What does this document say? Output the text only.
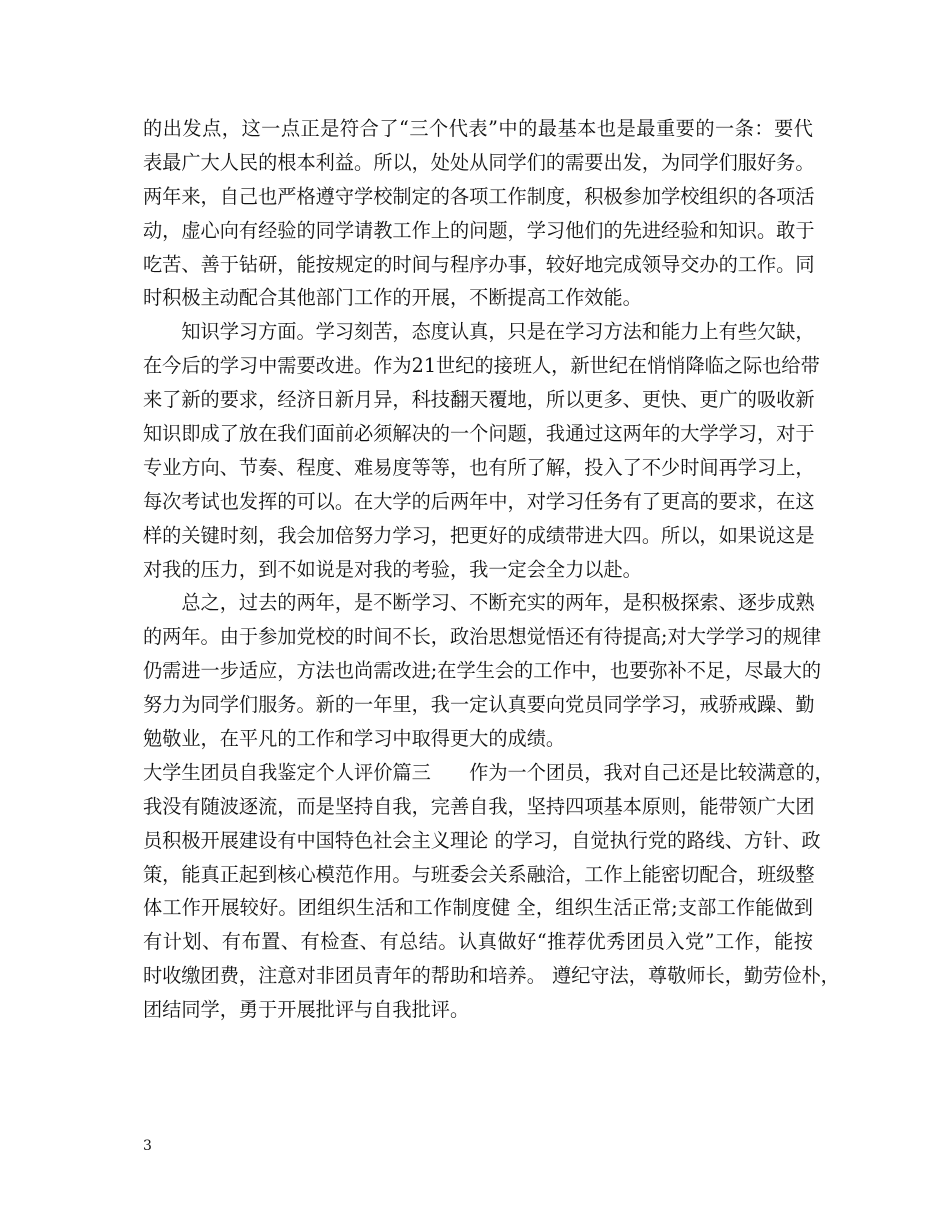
的出发点，这一点正是符合了“三个代表”中的最基本也是最重要的一条：要代
表最广大人民的根本利益。所以，处处从同学们的需要出发，为同学们服好务。
两年来，自己也严格遵守学校制定的各项工作制度，积极参加学校组织的各项活
动，虚心向有经验的同学请教工作上的问题，学习他们的先进经验和知识。敢于
吃苦、善于钻研，能按规定的时间与程序办事，较好地完成领导交办的工作。同
时积极主动配合其他部门工作的开展，不断提高工作效能。
　　知识学习方面。学习刻苦，态度认真，只是在学习方法和能力上有些欠缺，
在今后的学习中需要改进。作为21世纪的接班人，新世纪在悄悄降临之际也给带
来了新的要求，经济日新月异，科技翻天覆地，所以更多、更快、更广的吸收新
知识即成了放在我们面前必须解决的一个问题，我通过这两年的大学学习，对于
专业方向、节奏、程度、难易度等等，也有所了解，投入了不少时间再学习上，
每次考试也发挥的可以。在大学的后两年中，对学习任务有了更高的要求，在这
样的关键时刻，我会加倍努力学习，把更好的成绩带进大四。所以，如果说这是
对我的压力，到不如说是对我的考验，我一定会全力以赴。
　　总之，过去的两年，是不断学习、不断充实的两年，是积极探索、逐步成熟
的两年。由于参加党校的时间不长，政治思想觉悟还有待提高;对大学学习的规律
仍需进一步适应，方法也尚需改进;在学生会的工作中，也要弥补不足，尽最大的
努力为同学们服务。新的一年里，我一定认真要向党员同学学习，戒骄戒躁、勤
勉敬业，在平凡的工作和学习中取得更大的成绩。
大学生团员自我鉴定个人评价篇三　　作为一个团员，我对自己还是比较满意的，
我没有随波逐流，而是坚持自我，完善自我，坚持四项基本原则，能带领广大团
员积极开展建设有中国特色社会主义理论 的学习，自觉执行党的路线、方针、政
策，能真正起到核心模范作用。与班委会关系融洽，工作上能密切配合，班级整
体工作开展较好。团组织生活和工作制度健 全，组织生活正常;支部工作能做到
有计划、有布置、有检查、有总结。认真做好“推荐优秀团员入党”工作，能按
时收缴团费，注意对非团员青年的帮助和培养。 遵纪守法，尊敬师长，勤劳俭朴，
团结同学，勇于开展批评与自我批评。
3
